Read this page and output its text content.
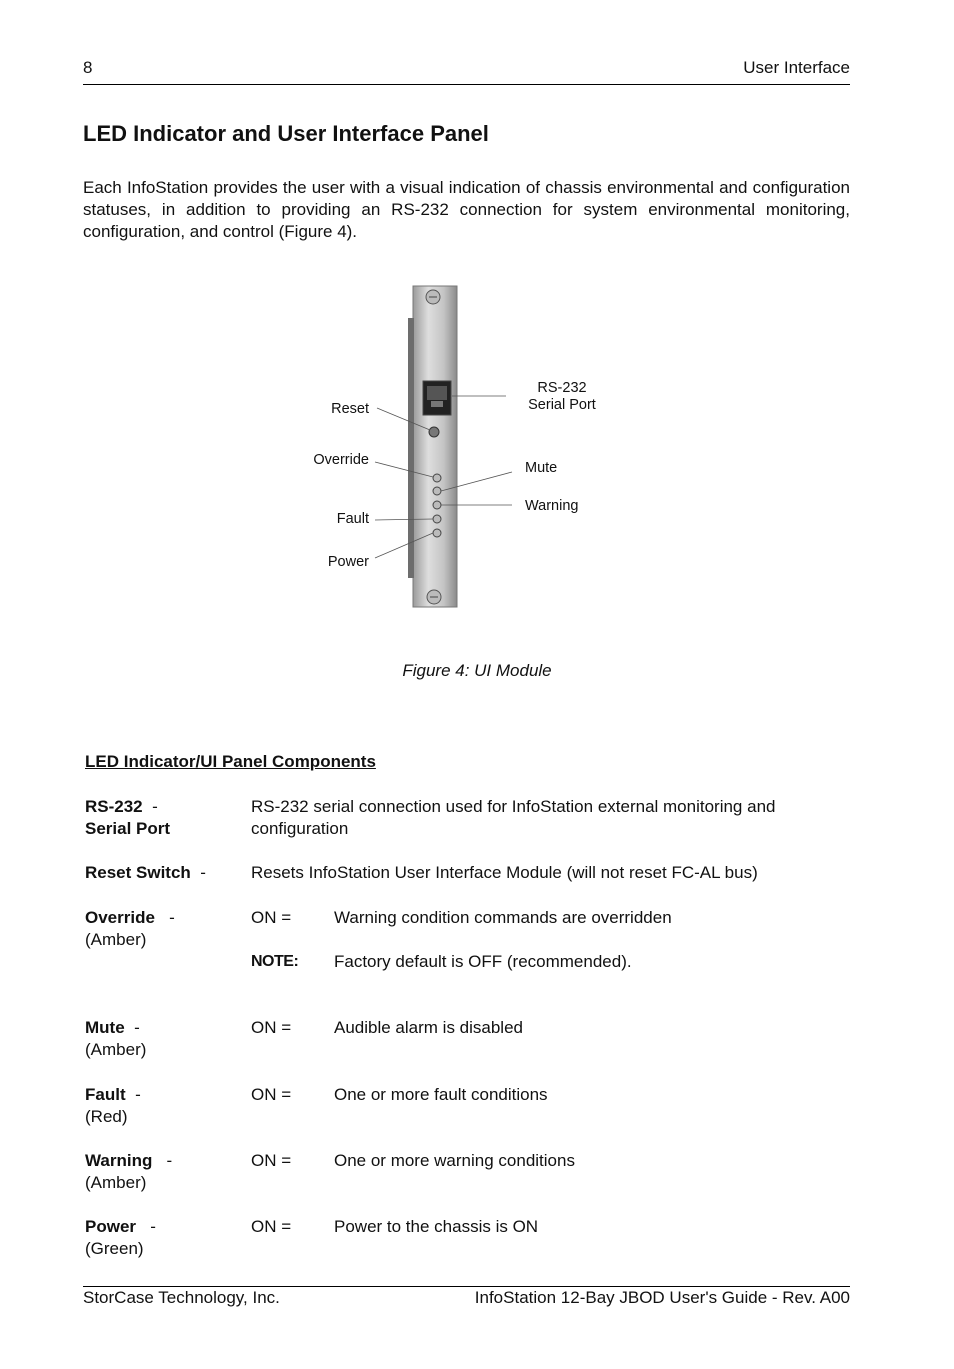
8	User Interface
LED Indicator and User Interface Panel

Each InfoStation provides the user with a visual indication of chassis environmental and configuration statuses, in addition to providing an RS-232 connection for system environmental monitoring, configuration, and control (Figure 4).

Reset
Override
Fault
Power
RS-232
Serial Port
Mute
Warning
Figure 4: UI Module
LED Indicator/UI Panel Components
RS-232 -
Serial Port
RS-232 serial connection used for InfoStation external monitoring and configuration
Reset Switch -	Resets InfoStation User Interface Module (will not reset FC-AL bus)
Override -
(Amber)
ON =	Warning condition commands are overridden
NOTE: Factory default is OFF (recommended).
Mute -
(Amber)
ON =	Audible alarm is disabled
Fault -
(Red)
ON =	One or more fault conditions
Warning -
(Amber)
ON =	One or more warning conditions
Power -
(Green)
ON =	Power to the chassis is ON
StorCase Technology, Inc.	InfoStation 12-Bay JBOD User's Guide - Rev. A00
